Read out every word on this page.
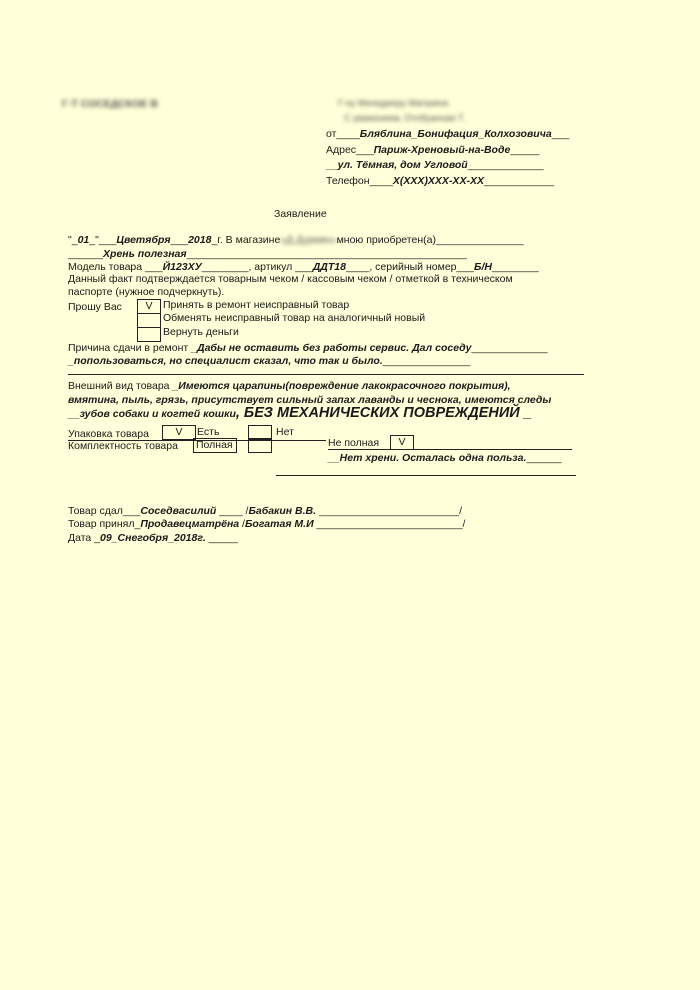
Г-Т СОСЕДСКОЕ В	Г-ну Менеджеру Магазина
С уважением, Отобранная Т.
от____Бляблина_Бонифация_Колхозовича___
Адрес___Париж-Хреновый-на-Воде_____
__ул. Тёмная, дом Угловой_____________
Телефон____Х(ХХХ)ХХХ-ХХ-ХХ____________
Заявление
"_01_"___Цветября___2018_г. В магазине«Д Дуркин»мною приобретен(а)_______________
______Хрень полезная________________________________________________
Модель товара ___Й123ХУ________, артикул ___ДДТ18____, серийный номер___Б/Н________
Данный факт подтверждается товарным чеком / кассовым чеком / отметкой в техническом
паспорте (нужное подчеркнуть).
Прошу Вас	V	Принять в ремонт неисправный товар
Обменять неисправный товар на аналогичный новый
Вернуть деньги
Причина сдачи в ремонт _Дабы не оставить без работы сервис. Дал соседу_____________
_попользоваться, но специалист сказал, что так и было._______________
Внешний вид товара _Имеются царапины(повреждение лакокрасочного покрытия),
вмятина, пыль, грязь, присутствует сильный запах лаванды и чеснока, имеются следы
__зубов собаки и когтей кошки, БЕЗ МЕХАНИЧЕСКИХ ПОВРЕЖДЕНИЙ _
Упаковка товара	V	Есть	Нет
Комплектность товара Полная	Не полная	V
__Нет хрени. Осталась одна польза.______
Товар сдал___Соседвасилий ____ /Бабакин В.В. ________________________/
Товар принял_Продавецматрёна /Богатая М.И _________________________/
Дата _09_Снегобря_2018г. _____
